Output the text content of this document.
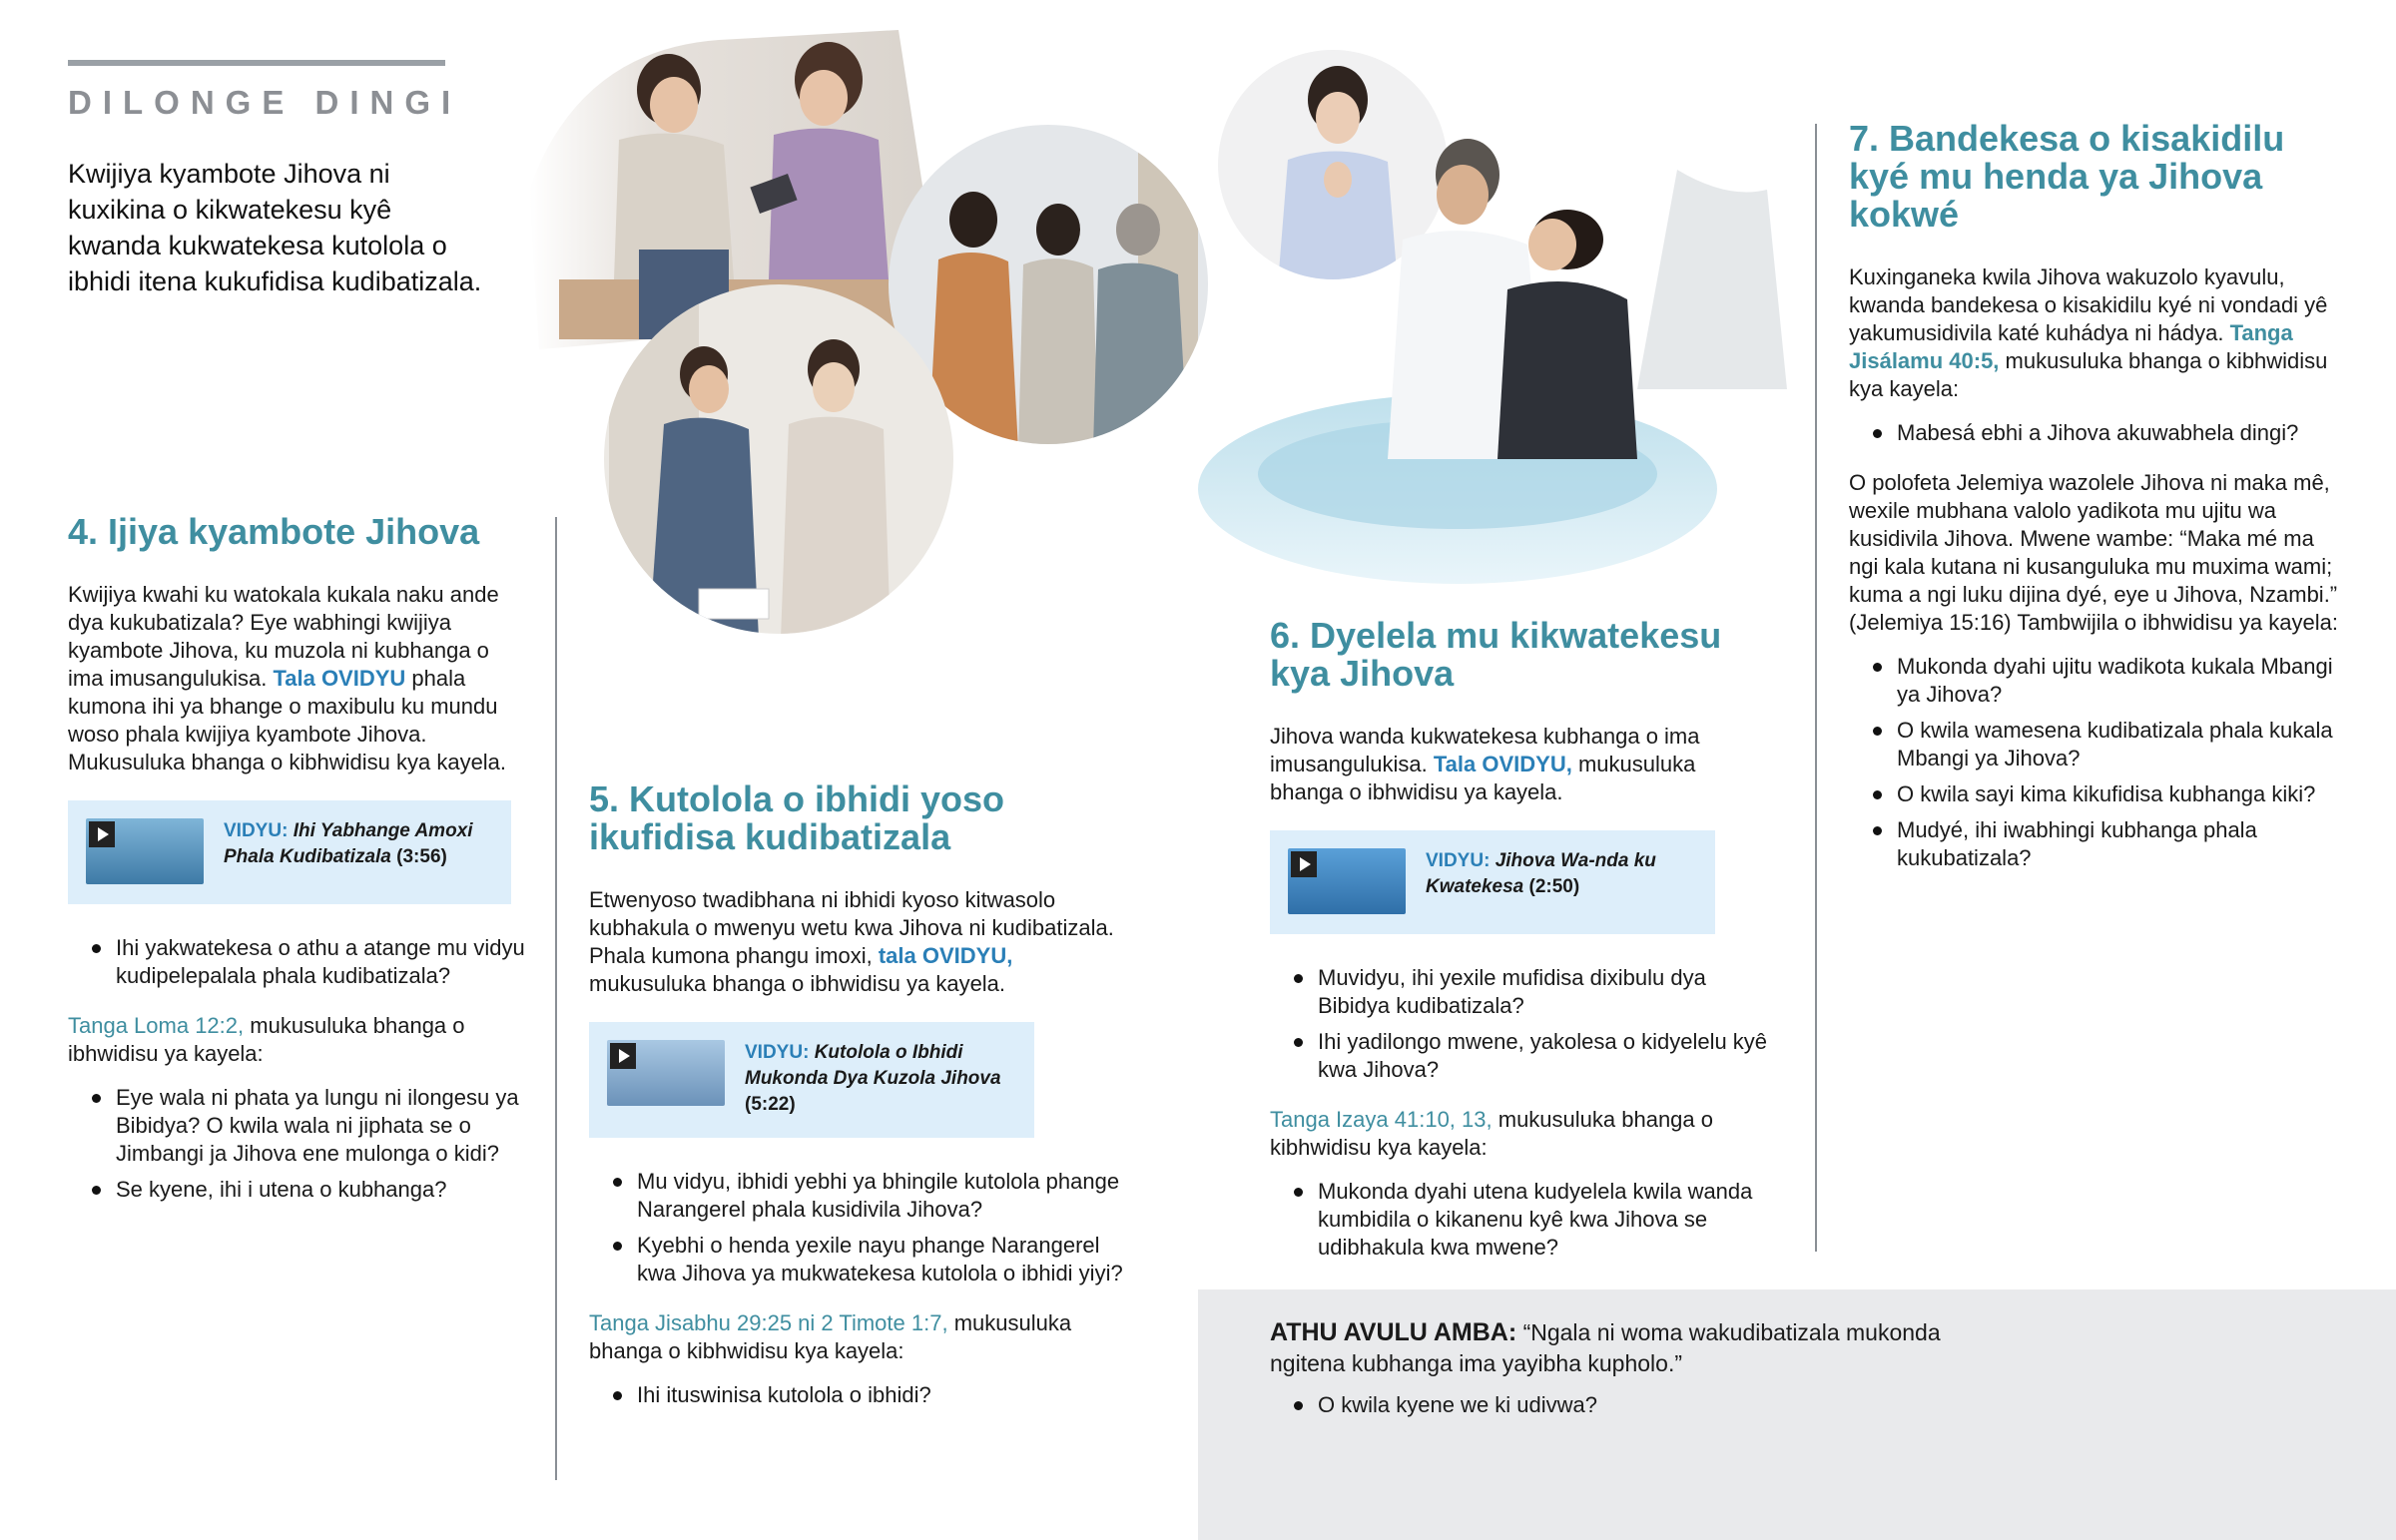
DILONGE DINGI
Kwijiya kyambote Jihova ni kuxikina o kikwatekesu kyê kwanda kukwatekesa kutolola o ibhidi itena kukufidisa kudibatizala.
4. Ijiya kyambote Jihova

Kwijiya kwahi ku watokala kukala naku ande dya kukubatizala? Eye wabhingi kwijiya kyambote Jihova, ku muzola ni kubhanga o ima imusangulukisa. Tala OVIDYU phala kumona ihi ya bhange o maxibulu ku mundu woso phala kwijiya kyambote Jihova. Mukusuluka bhanga o kibhwidisu kya kayela.

VIDYU: Ihi Yabhange Amoxi Phala Kudibatizala (3:56)
Ihi yakwatekesa o athu a atange mu vidyu kudipelepalala phala kudibatizala?

Tanga Loma 12:2, mukusuluka bhanga o ibhwidisu ya kayela:

Eye wala ni phata ya lungu ni ilongesu ya Bibidya? O kwila wala ni jiphata se o Jimbangi ja Jihova ene mulonga o kidi?
Se kyene, ihi i utena o kubhanga?
5. Kutolola o ibhidi yoso ikufidisa kudibatizala

Etwenyoso twadibhana ni ibhidi kyoso kitwasolo kubhakula o mwenyu wetu kwa Jihova ni kudibatizala. Phala kumona phangu imoxi, tala OVIDYU, mukusuluka bhanga o ibhwidisu ya kayela.

VIDYU: Kutolola o Ibhidi Mukonda Dya Kuzola Jihova (5:22)
Mu vidyu, ibhidi yebhi ya bhingile kutolola phange Narangerel phala kusidivila Jihova?
Kyebhi o henda yexile nayu phange Narangerel kwa Jihova ya mukwatekesa kutolola o ibhidi yiyi?

Tanga Jisabhu 29:25 ni 2 Timote 1:7, mukusuluka bhanga o kibhwidisu kya kayela:

Ihi ituswinisa kutolola o ibhidi?
6. Dyelela mu kikwatekesu kya Jihova

Jihova wanda kukwatekesa kubhanga o ima imusangulukisa. Tala OVIDYU, mukusuluka bhanga o ibhwidisu ya kayela.

VIDYU: Jihova Wa-nda ku Kwatekesa (2:50)
Muvidyu, ihi yexile mufidisa dixibulu dya Bibidya kudibatizala?
Ihi yadilongo mwene, yakolesa o kidyelelu kyê kwa Jihova?

Tanga Izaya 41:10, 13, mukusuluka bhanga o kibhwidisu kya kayela:

Mukonda dyahi utena kudyelela kwila wanda kumbidila o kikanenu kyê kwa Jihova se udibhakula kwa mwene?
7. Bandekesa o kisakidilu kyé mu henda ya Jihova kokwé

Kuxinganeka kwila Jihova wakuzolo kyavulu, kwanda bandekesa o kisakidilu kyé ni vondadi yê yakumusidivila katé kuhádya ni hádya. Tanga Jisálamu 40:5, mukusuluka bhanga o kibhwidisu kya kayela:

Mabesá ebhi a Jihova akuwabhela dingi?

O polofeta Jelemiya wazolele Jihova ni maka mê, wexile mubhana valolo yadikota mu ujitu wa kusidivila Jihova. Mwene wambe: “Maka mé ma ngi kala kutana ni kusanguluka mu muxima wami; kuma a ngi luku dijina dyé, eye u Jihova, Nzambi.” (Jelemiya 15:16) Tambwijila o ibhwidisu ya kayela:

Mukonda dyahi ujitu wadikota kukala Mbangi ya Jihova?
O kwila wamesena kudibatizala phala kukala Mbangi ya Jihova?
O kwila sayi kima kikufidisa kubhanga kiki?
Mudyé, ihi iwabhingi kubhanga phala kukubatizala?

ATHU AVULU AMBA: “Ngala ni woma wakudibatizala mukonda ngitena kubhanga ima yayibha kupholo.”

O kwila kyene we ki udivwa?
